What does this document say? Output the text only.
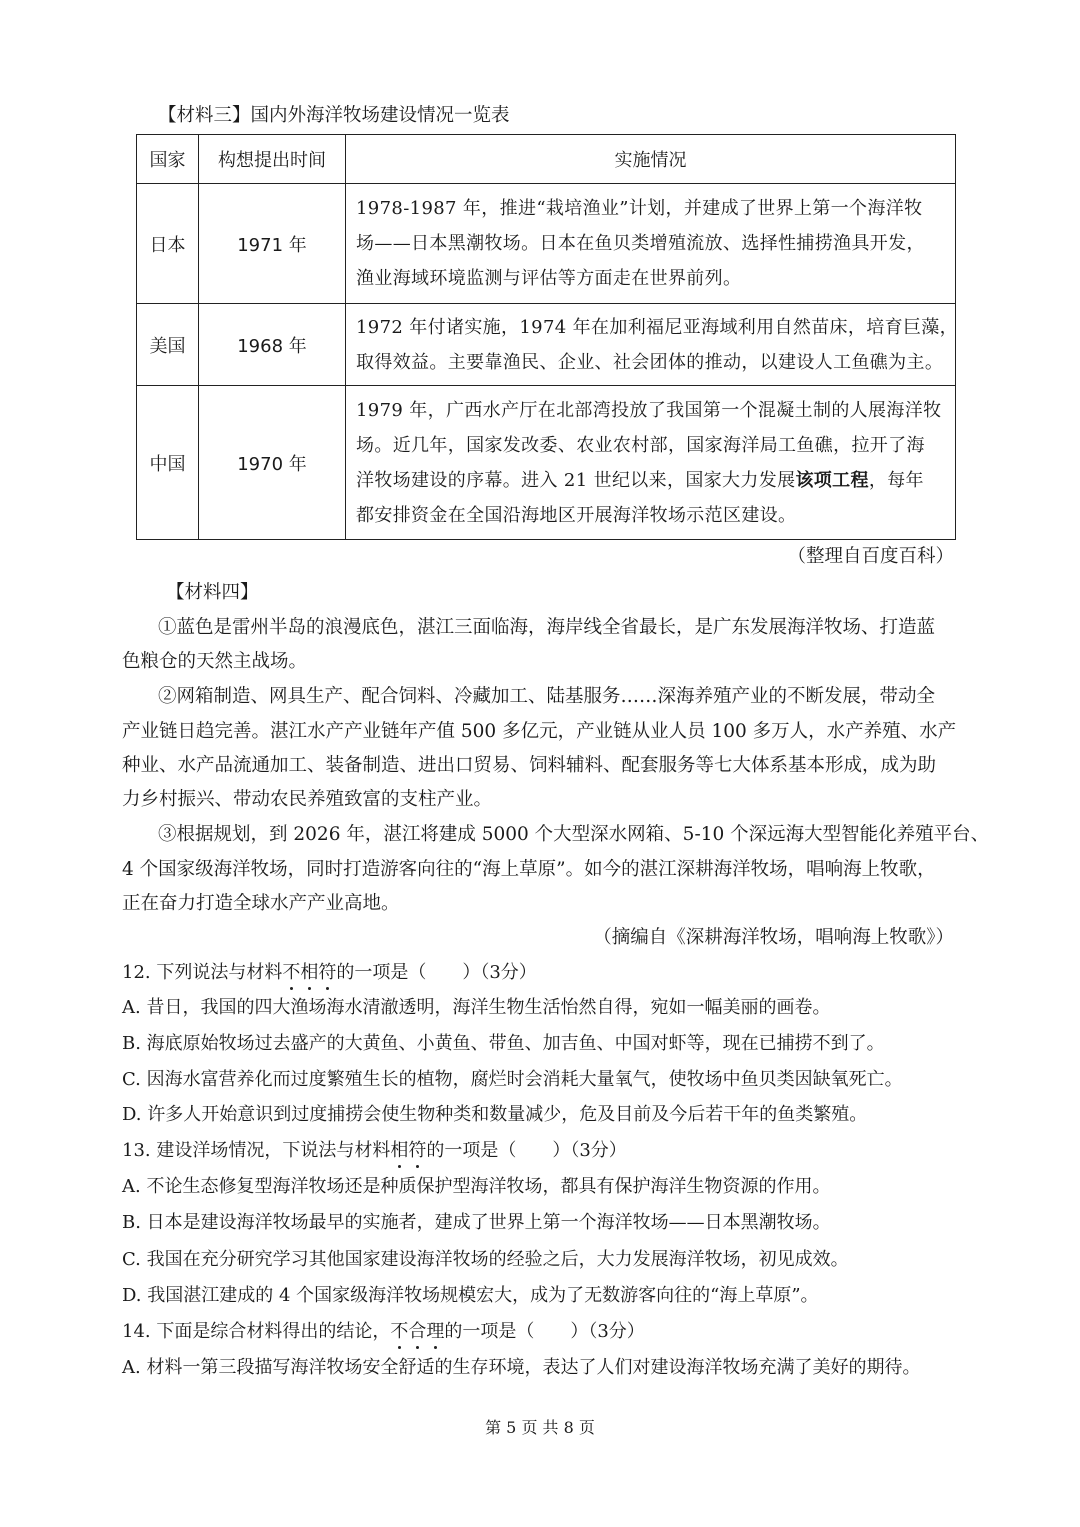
【材料三】国内外海洋牧场建设情况一览表
国家	构想提出时间	实施情况
日本	1971 年	1978-1987 年，推进“栽培渔业”计划，并建成了世界上第一个海洋牧
场——日本黑潮牧场。日本在鱼贝类增殖流放、选择性捕捞渔具开发，
渔业海域环境监测与评估等方面走在世界前列。

美国	1968 年	1972 年付诸实施，1974 年在加利福尼亚海域利用自然苗床，培育巨藻，
取得效益。主要靠渔民、企业、社会团体的推动，以建设人工鱼礁为主。

中国	1970 年	1979 年，广西水产厅在北部湾投放了我国第一个混凝土制的人展海洋牧
场。近几年，国家发改委、农业农村部，国家海洋局工鱼礁，拉开了海
洋牧场建设的序幕。进入 21 世纪以来，国家大力发展该项工程，每年
都安排资金在全国沿海地区开展海洋牧场示范区建设。
（整理自百度百科）
【材料四】
①蓝色是雷州半岛的浪漫底色，湛江三面临海，海岸线全省最长，是广东发展海洋牧场、打造蓝
色粮仓的天然主战场。
②网箱制造、网具生产、配合饲料、冷藏加工、陆基服务……深海养殖产业的不断发展，带动全
产业链日趋完善。湛江水产产业链年产值 500 多亿元，产业链从业人员 100 多万人，水产养殖、水产
种业、水产品流通加工、装备制造、进出口贸易、饲料辅料、配套服务等七大体系基本形成，成为助
力乡村振兴、带动农民养殖致富的支柱产业。
③根据规划，到 2026 年，湛江将建成 5000 个大型深水网箱、5-10 个深远海大型智能化养殖平台、
4 个国家级海洋牧场，同时打造游客向往的“海上草原”。如今的湛江深耕海洋牧场，唱响海上牧歌，
正在奋力打造全球水产产业高地。
（摘编自《深耕海洋牧场，唱响海上牧歌》）
12. 下列说法与材料不相符的一项是（　　）（3分）
A. 昔日，我国的四大渔场海水清澈透明，海洋生物生活怡然自得，宛如一幅美丽的画卷。
B. 海底原始牧场过去盛产的大黄鱼、小黄鱼、带鱼、加吉鱼、中国对虾等，现在已捕捞不到了。
C. 因海水富营养化而过度繁殖生长的植物，腐烂时会消耗大量氧气，使牧场中鱼贝类因缺氧死亡。
D. 许多人开始意识到过度捕捞会使生物种类和数量减少，危及目前及今后若干年的鱼类繁殖。
13. 建设洋场情况，下说法与材料相符的一项是（　　）（3分）
A. 不论生态修复型海洋牧场还是种质保护型海洋牧场，都具有保护海洋生物资源的作用。
B. 日本是建设海洋牧场最早的实施者，建成了世界上第一个海洋牧场——日本黑潮牧场。
C. 我国在充分研究学习其他国家建设海洋牧场的经验之后，大力发展海洋牧场，初见成效。
D. 我国湛江建成的 4 个国家级海洋牧场规模宏大，成为了无数游客向往的“海上草原”。
14. 下面是综合材料得出的结论，不合理的一项是（　　）（3分）
A. 材料一第三段描写海洋牧场安全舒适的生存环境，表达了人们对建设海洋牧场充满了美好的期待。
第 5 页 共 8 页
